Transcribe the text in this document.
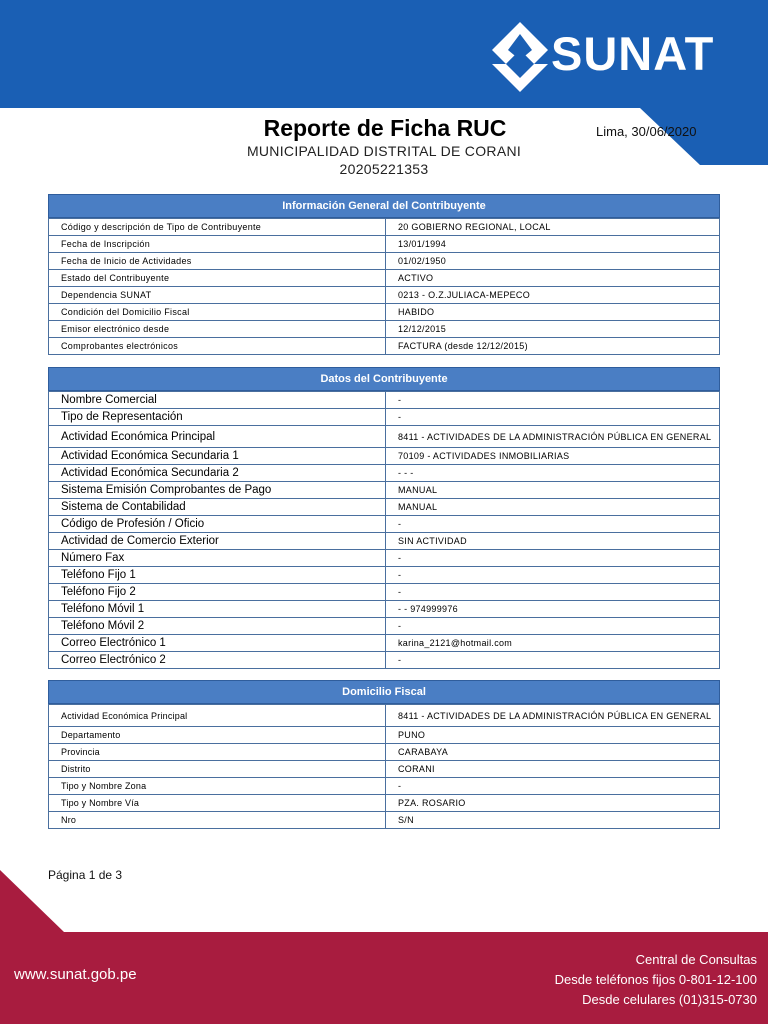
SUNAT
Reporte de Ficha RUC
MUNICIPALIDAD DISTRITAL DE CORANI
20205221353
Lima, 30/06/2020
Información General del Contribuyente
Código y descripción de Tipo de Contribuyente	20 GOBIERNO REGIONAL, LOCAL
Fecha de Inscripción	13/01/1994
Fecha de Inicio de Actividades	01/02/1950
Estado del Contribuyente	ACTIVO
Dependencia SUNAT	0213 - O.Z.JULIACA-MEPECO
Condición del Domicilio Fiscal	HABIDO
Emisor electrónico desde	12/12/2015
Comprobantes electrónicos	FACTURA (desde 12/12/2015)
Datos del Contribuyente
Nombre Comercial	-
Tipo de Representación	-
Actividad Económica Principal	8411 - ACTIVIDADES DE LA ADMINISTRACIÓN PÚBLICA EN GENERAL
Actividad Económica Secundaria 1	70109 - ACTIVIDADES INMOBILIARIAS
Actividad Económica Secundaria 2	- - -
Sistema Emisión Comprobantes de Pago	MANUAL
Sistema de Contabilidad	MANUAL
Código de Profesión / Oficio	-
Actividad de Comercio Exterior	SIN ACTIVIDAD
Número Fax	-
Teléfono Fijo 1	-
Teléfono Fijo 2	-
Teléfono Móvil 1	- - 974999976
Teléfono Móvil 2	-
Correo Electrónico 1	karina_2121@hotmail.com
Correo Electrónico 2	-
Domicilio Fiscal
Actividad Económica Principal	8411 - ACTIVIDADES DE LA ADMINISTRACIÓN PÚBLICA EN GENERAL
Departamento	PUNO
Provincia	CARABAYA
Distrito	CORANI
Tipo y Nombre Zona	-
Tipo y Nombre Vía	PZA. ROSARIO
Nro	S/N
Página 1 de 3
www.sunat.gob.pe
Central de Consultas
Desde teléfonos fijos 0-801-12-100
Desde celulares (01)315-0730
